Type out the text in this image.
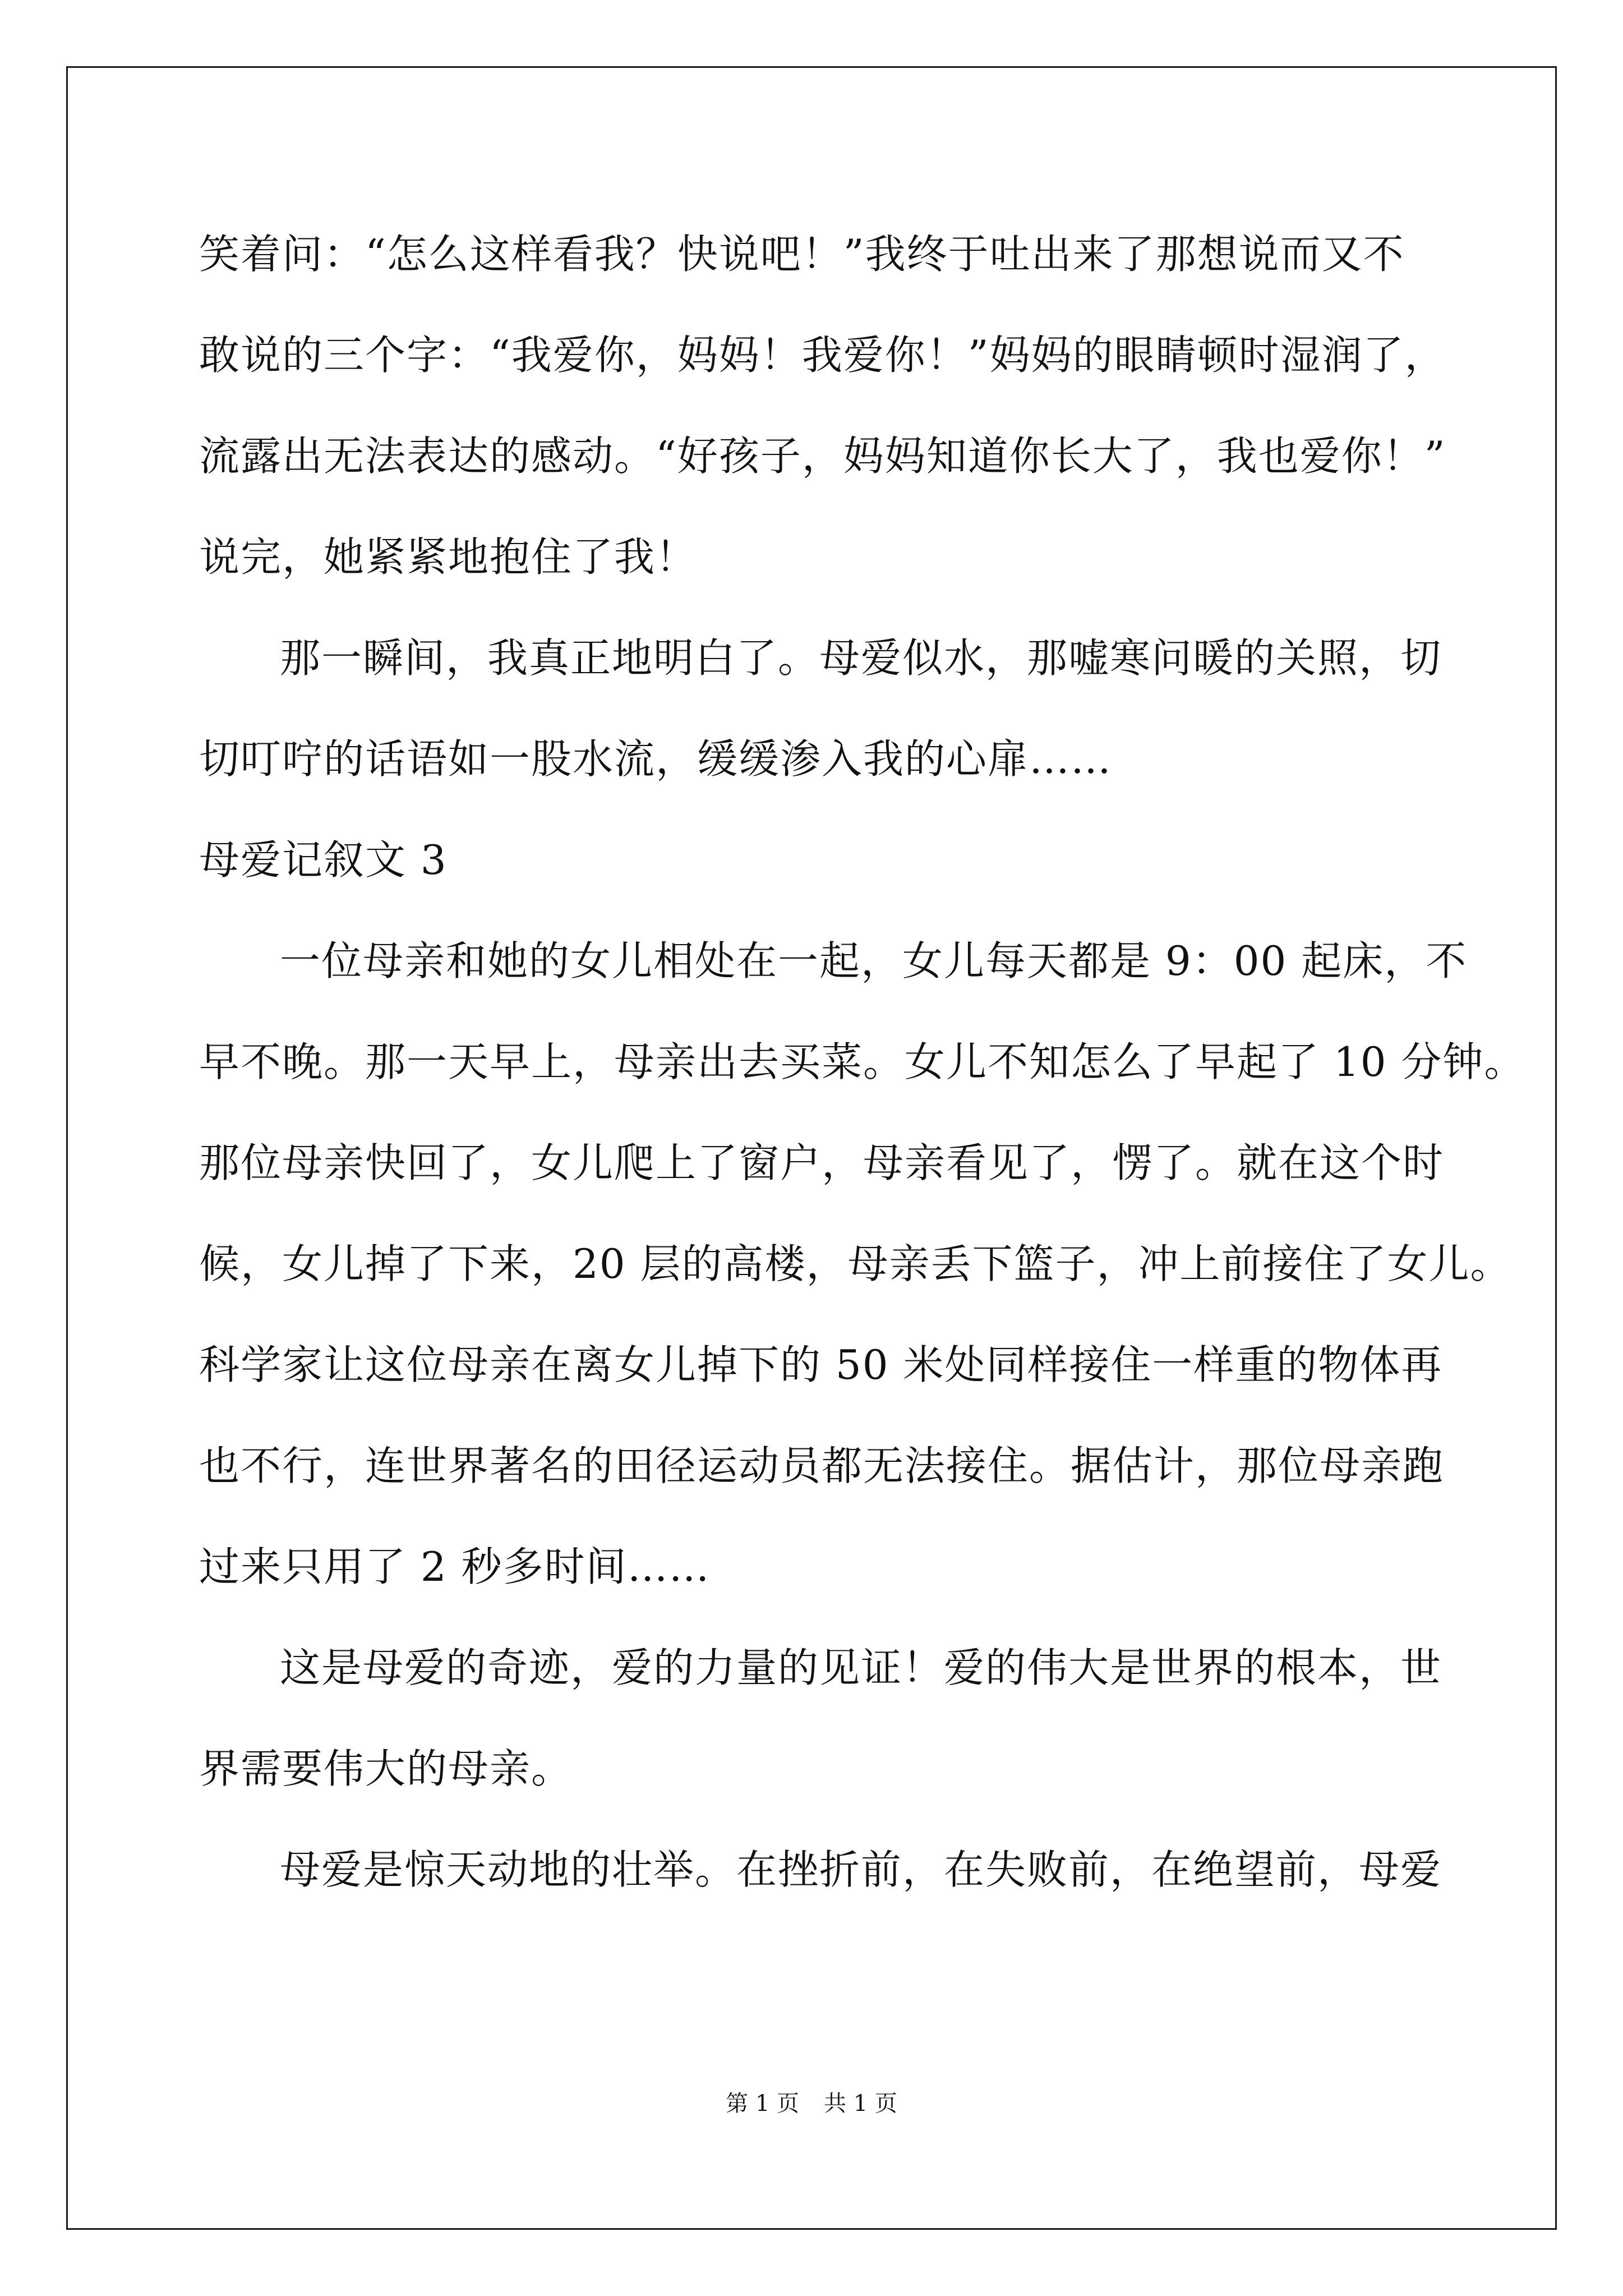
笑着问：“怎么这样看我？快说吧！”我终于吐出来了那想说而又不
敢说的三个字：“我爱你，妈妈！我爱你！”妈妈的眼睛顿时湿润了，
流露出无法表达的感动。“好孩子，妈妈知道你长大了，我也爱你！”
说完，她紧紧地抱住了我！
那一瞬间，我真正地明白了。母爱似水，那嘘寒问暖的关照，切
切叮咛的话语如一股水流，缓缓渗入我的心扉……
母爱记叙文 3
一位母亲和她的女儿相处在一起，女儿每天都是 9：00 起床，不
早不晚。那一天早上，母亲出去买菜。女儿不知怎么了早起了 10 分钟。
那位母亲快回了，女儿爬上了窗户，母亲看见了，愣了。就在这个时
候，女儿掉了下来，20 层的高楼，母亲丢下篮子，冲上前接住了女儿。
科学家让这位母亲在离女儿掉下的 50 米处同样接住一样重的物体再
也不行，连世界著名的田径运动员都无法接住。据估计，那位母亲跑
过来只用了 2 秒多时间……
这是母爱的奇迹，爱的力量的见证！爱的伟大是世界的根本，世
界需要伟大的母亲。
母爱是惊天动地的壮举。在挫折前，在失败前，在绝望前，母爱
第 1 页 共 1 页
